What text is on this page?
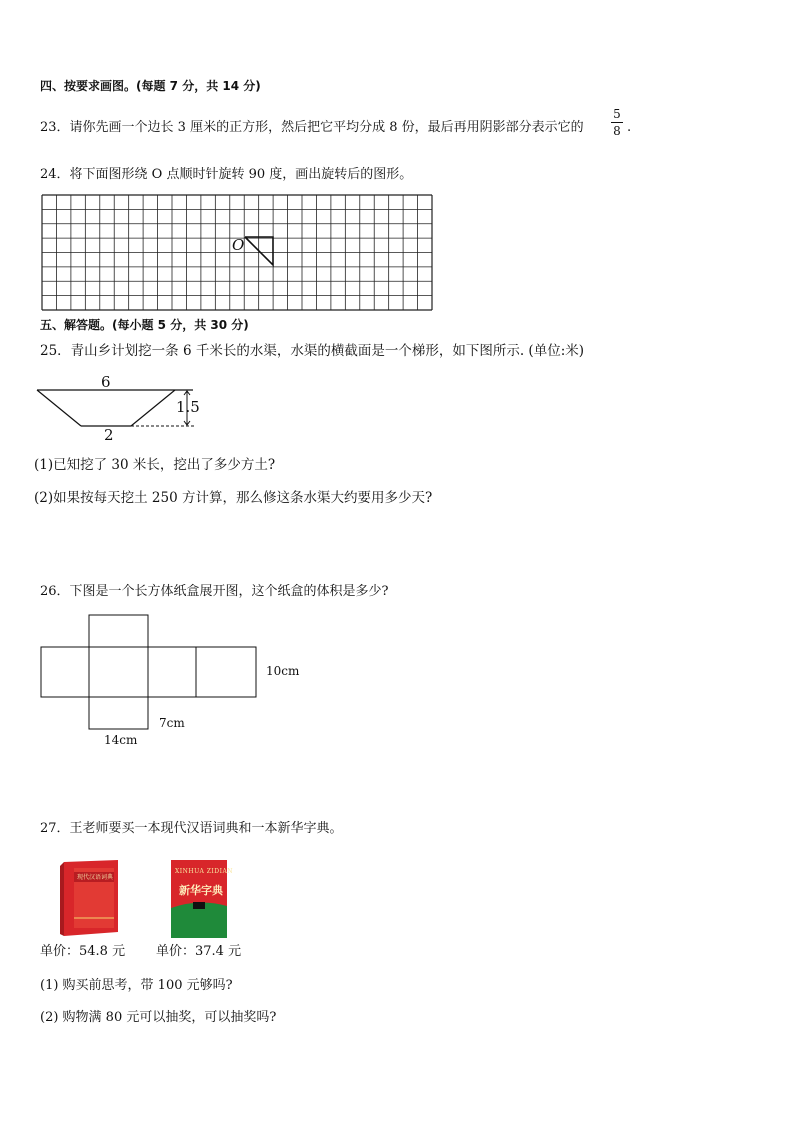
四、按要求画图。(每题 7 分，共 14 分)
23．请你先画一个边长 3 厘米的正方形，然后把它平均分成 8 份，最后再用阴影部分表示它的
5
8 .
24．将下面图形绕 O 点顺时针旋转 90 度，画出旋转后的图形。
O
五、解答题。(每小题 5 分，共 30 分)
25．青山乡计划挖一条 6 千米长的水渠，水渠的横截面是一个梯形，如下图所示. (单位:米)
6
1.5
2
(1)已知挖了 30 米长，挖出了多少方土?
(2)如果按每天挖土 250 方计算，那么修这条水渠大约要用多少天?
26．下图是一个长方体纸盒展开图，这个纸盒的体积是多少?
10cm
7cm
14cm
27．王老师要买一本现代汉语词典和一本新华字典。
现代汉语词典
XINHUA ZIDIAN
新华字典
单价：54.8 元 单价：37.4 元
(1) 购买前思考，带 100 元够吗?
(2) 购物满 80 元可以抽奖，可以抽奖吗?
